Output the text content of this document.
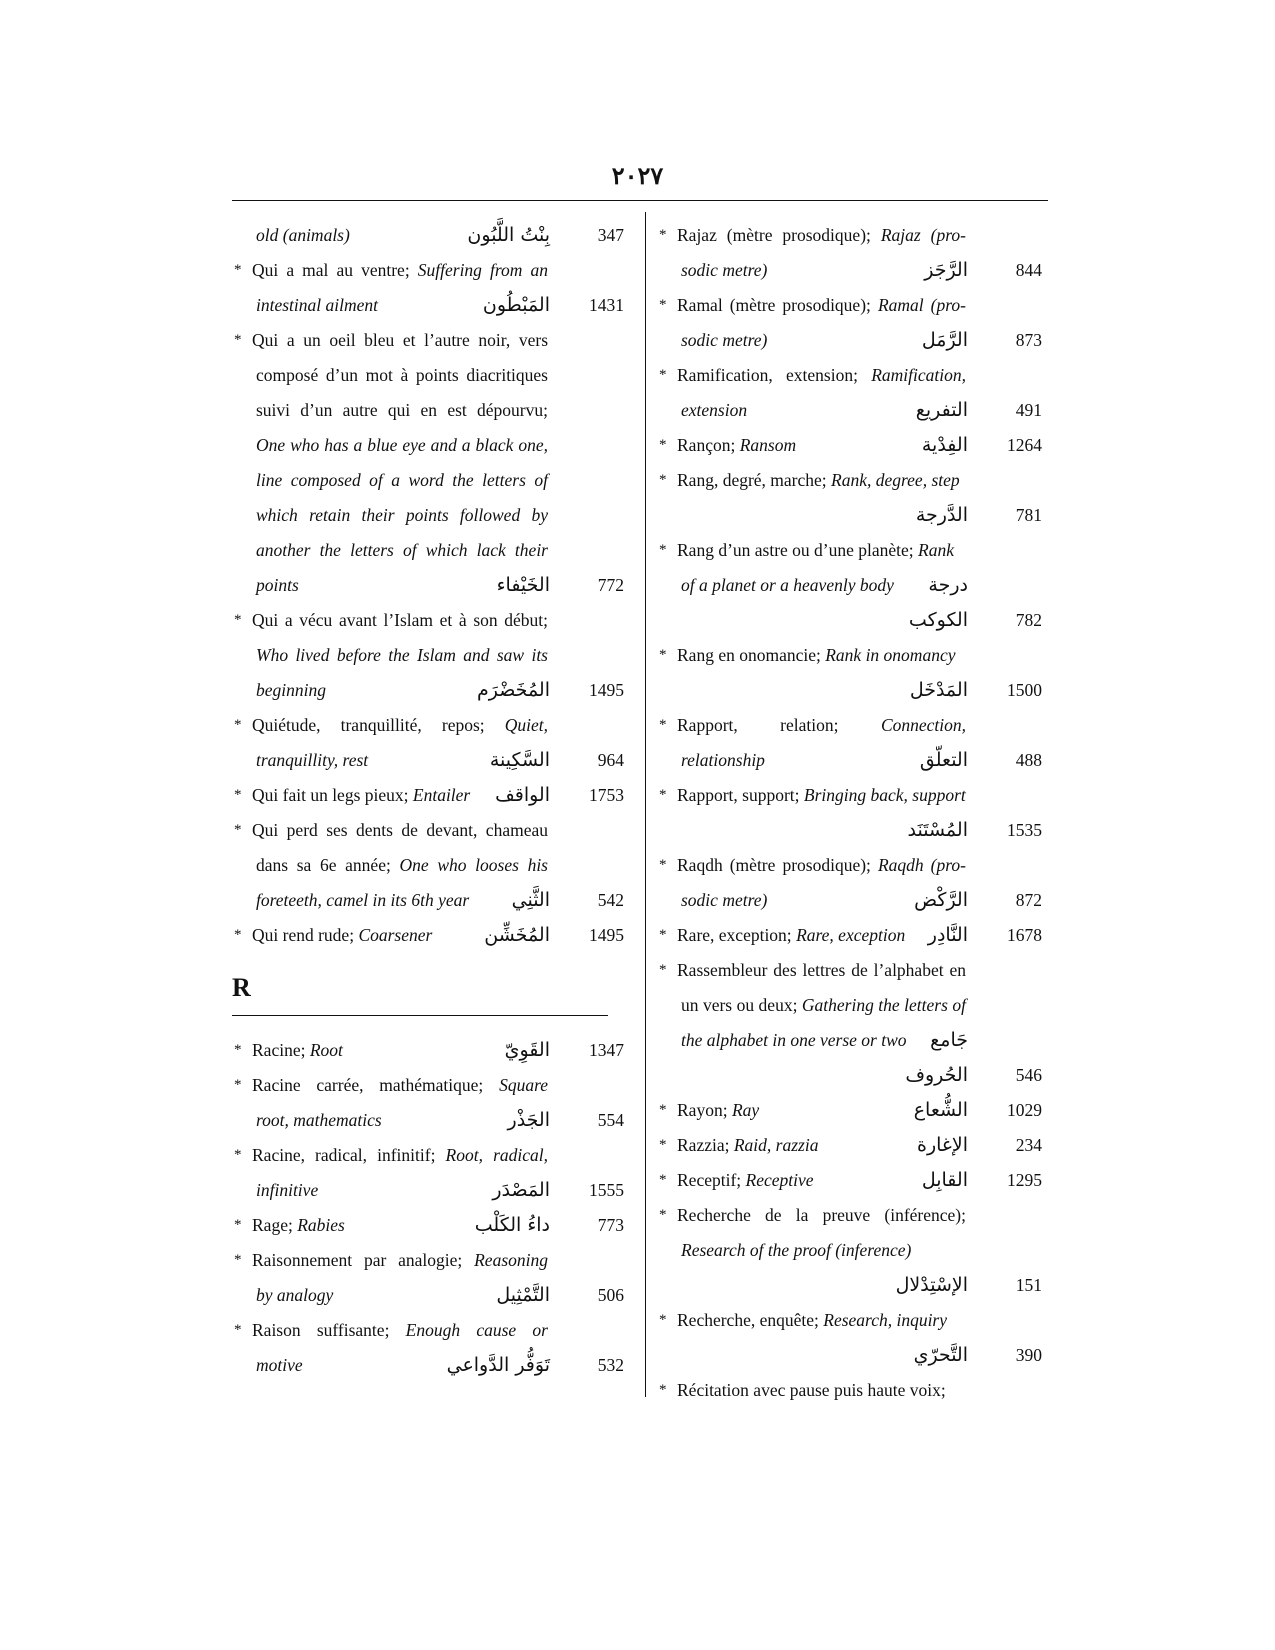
٢٠٢٧
old (animals)	بِنْتُ اللَّبُون	347
* Qui a mal au ventre; Suffering from an
intestinal ailment	المَبْطُون 1431
* Qui a un oeil bleu et l’autre noir, vers
composé d’un mot à points diacritiques
suivi d’un autre qui en est dépourvu;
One who has a blue eye and a black one,
line composed of a word the letters of
which retain their points followed by
another the letters of which lack their
points	الخَيْفاء	772
* Qui a vécu avant l’Islam et à son début;
Who lived before the Islam and saw its
beginning	المُخَضْرَم 1495
* Quiétude, tranquillité, repos; Quiet,
tranquillity, rest	السَّكِينة	964
* Qui fait un legs pieux; Entailer الواقف 1753
* Qui perd ses dents de devant, chameau
dans sa 6e année; One who looses his
foreteeth, camel in its 6th year الثَّنِي	542
* Qui rend rude; Coarsener	المُخَشِّن 1495
R
* Racine; Root	القَوِيّ 1347
* Racine carrée, mathématique; Square
root, mathematics	الجَذْر	554
* Racine, radical, infinitif; Root, radical,
infinitive	المَصْدَر 1555
* Rage; Rabies	داءُ الكَلْب	773
* Raisonnement par analogie; Reasoning
by analogy	التَّمْثِيل	506
* Raison suffisante; Enough cause or
motive	تَوَفُّر الدَّواعي	532
* Rajaz (mètre prosodique); Rajaz (pro-
sodic metre)	الرَّجَز	844
* Ramal (mètre prosodique); Ramal (pro-
sodic metre)	الرَّمَل	873
* Ramification, extension; Ramification,
extension	التفريع	491
* Rançon; Ransom	الفِدْية 1264
* Rang, degré, marche; Rank, degree, step
الدَّرجة	781
* Rang d’un astre ou d’une planète; Rank
of a planet or a heavenly body درجة
الكوكب	782
* Rang en onomancie; Rank in onomancy
المَدْخَل 1500
* Rapport, relation; Connection,
relationship	التعلّق	488
* Rapport, support; Bringing back, support
المُسْتَنَد 1535
* Raqdh (mètre prosodique); Raqdh (pro-
sodic metre)	الرَّكْض	872
* Rare, exception; Rare, exception النَّادِر 1678
* Rassembleur des lettres de l’alphabet en
un vers ou deux; Gathering the letters of
the alphabet in one verse or two جَامع
الحُروف	546
* Rayon; Ray	الشُّعاع 1029
* Razzia; Raid, razzia	الإغارة	234
* Receptif; Receptive	القابِل 1295
* Recherche de la preuve (inférence);
Research of the proof (inference)
الإسْتِدْلال	151
* Recherche, enquête; Research, inquiry
التَّحرّي	390
* Récitation avec pause puis haute voix;
